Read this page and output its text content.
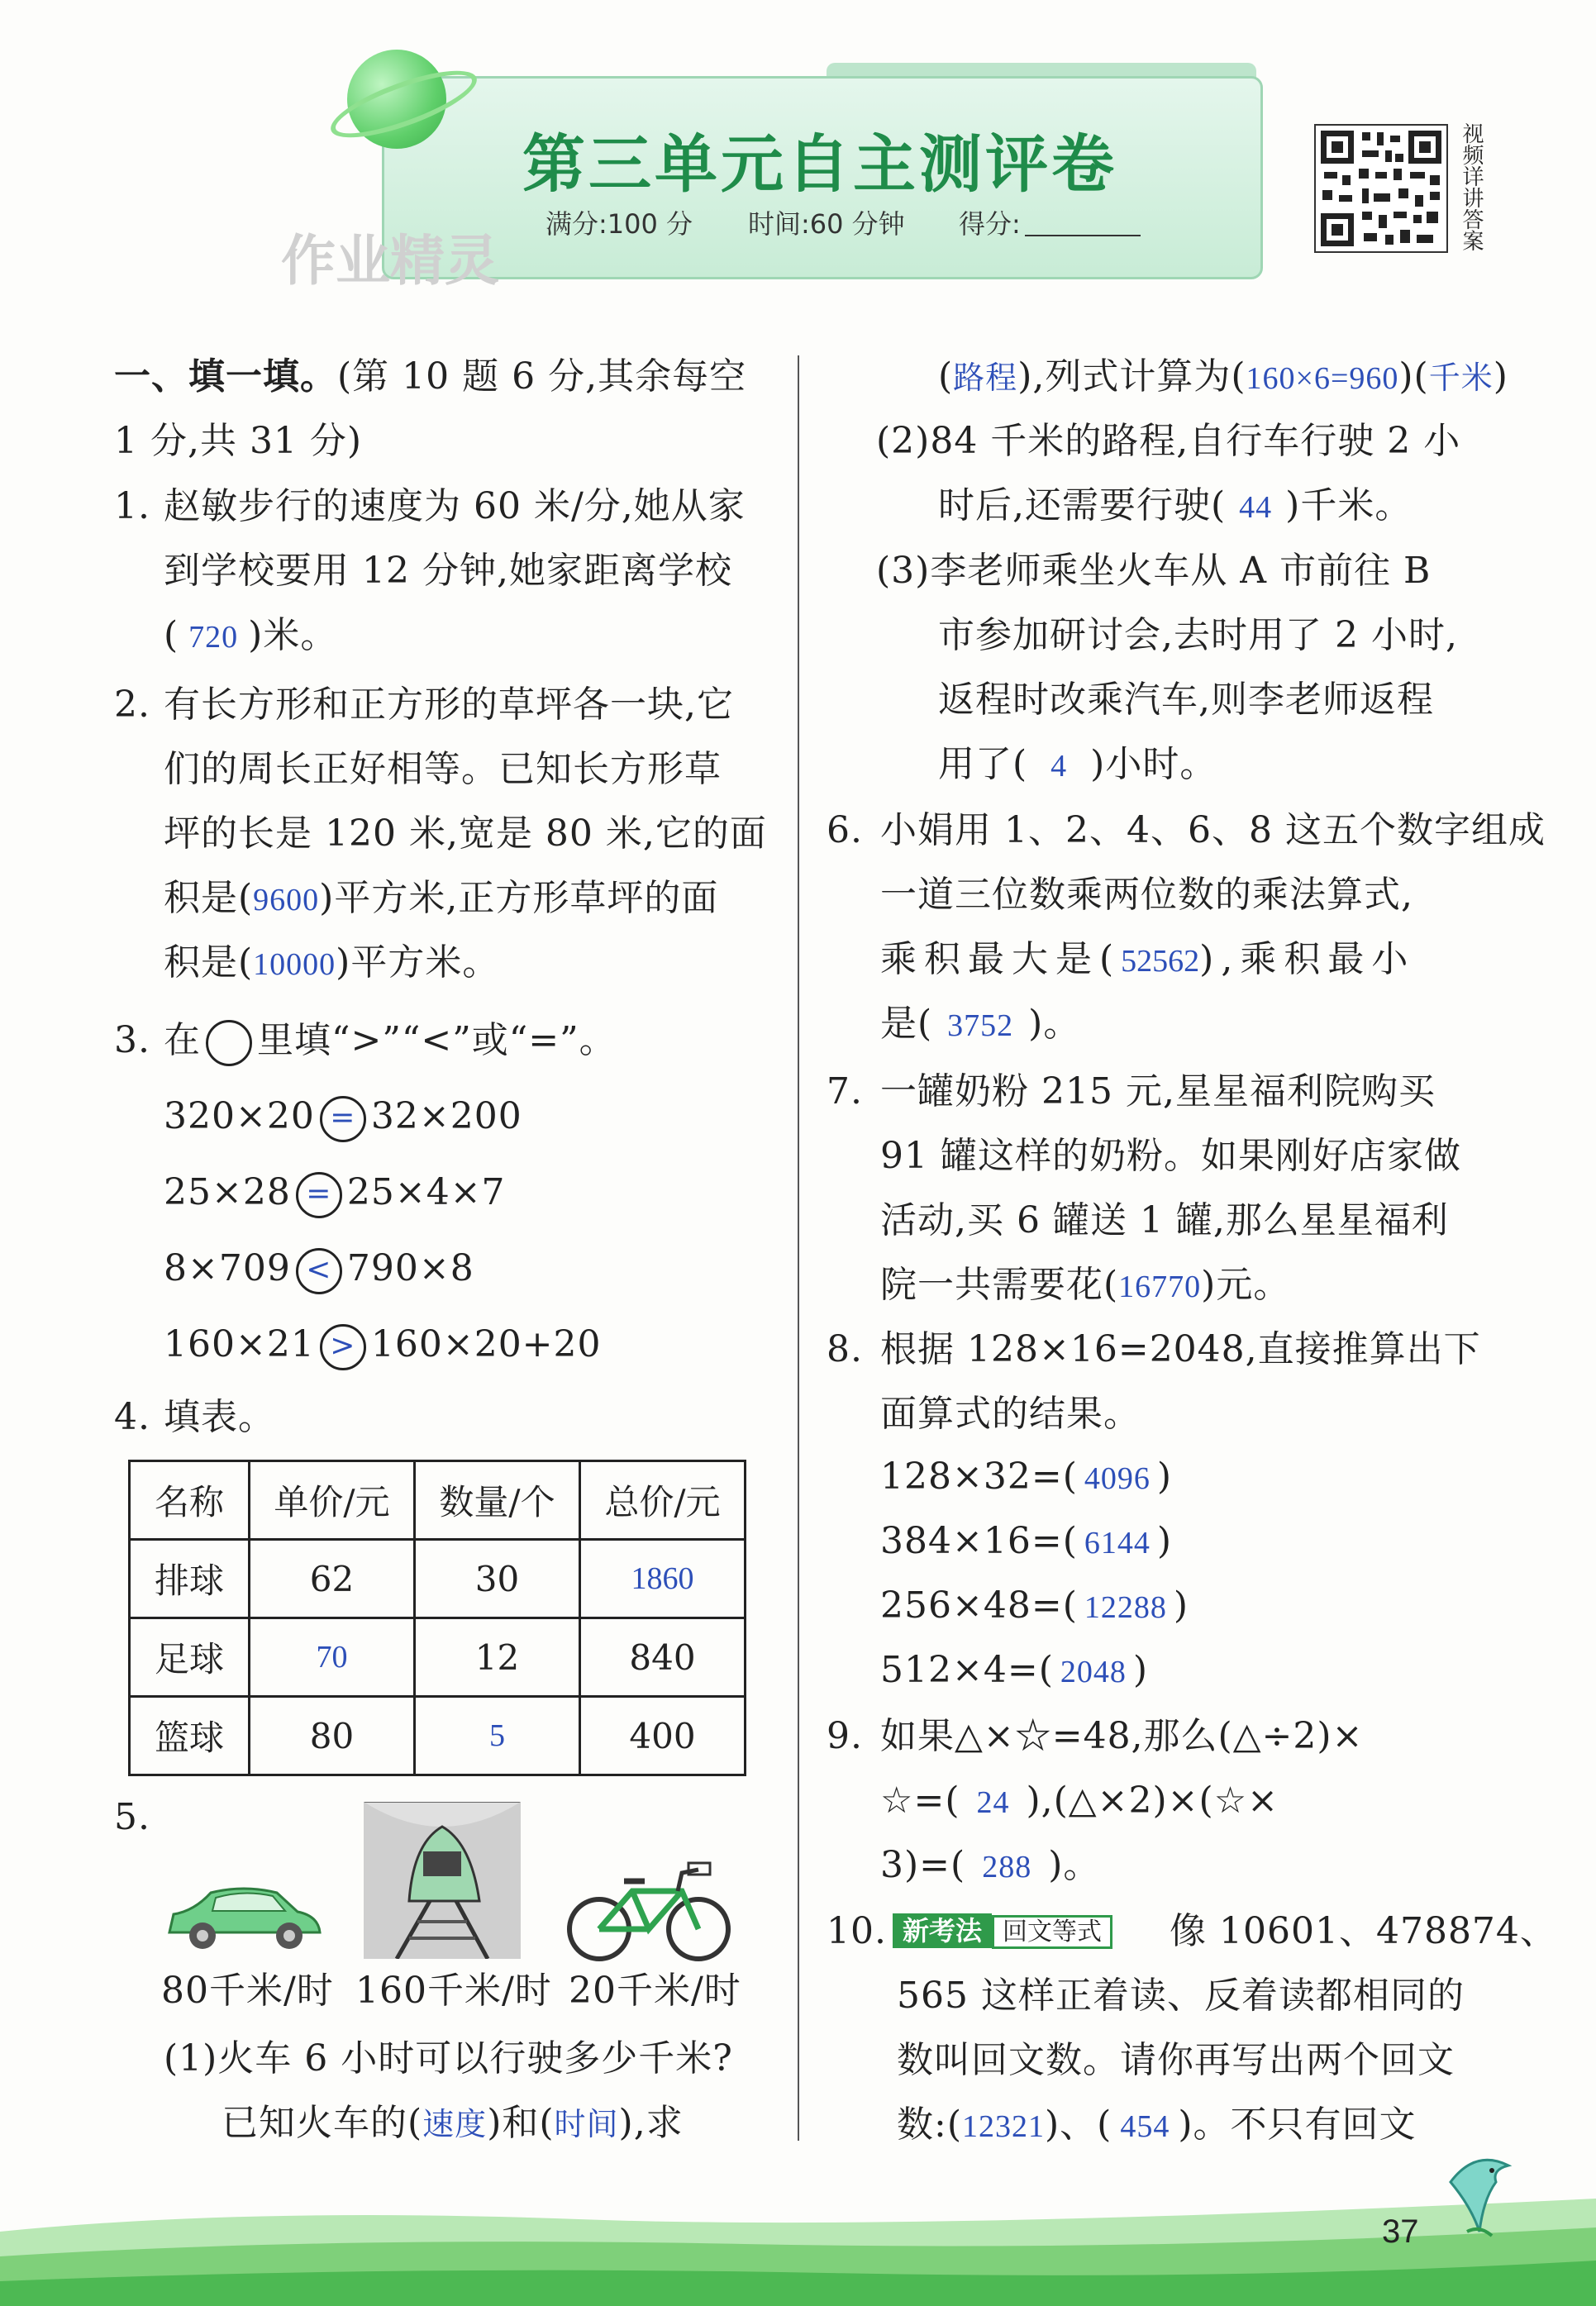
第三单元自主测评卷
满分:100 分 时间:60 分钟 得分:
作业精灵
视频详讲答案
一、填一填。(第 10 题 6 分,其余每空
1 分,共 31 分)
1. 赵敏步行的速度为 60 米/分,她从家
到学校要用 12 分钟,她家距离学校
( 720 )米。
2. 有长方形和正方形的草坪各一块,它
们的周长正好相等。已知长方形草
坪的长是 120 米,宽是 80 米,它的面
积是(9600)平方米,正方形草坪的面
积是(10000)平方米。
3. 在 里填“>”“<”或“=”。
320×20 = 32×200
25×28 = 25×4×7
8×709 < 790×8
160×21 > 160×20+20
4. 填表。
名称	单价/元	数量/个	总价/元
排球	62	30	1860
足球	70	12	840
篮球	80	5	400
5.
80千米/时 160千米/时 20千米/时
(1)火车 6 小时可以行驶多少千米?
已知火车的(速度)和(时间),求
(路程),列式计算为(160×6=960)(千米)
(2)84 千米的路程,自行车行驶 2 小
时后,还需要行驶( 44 )千米。
(3)李老师乘坐火车从 A 市前往 B
市参加研讨会,去时用了 2 小时,
返程时改乘汽车,则李老师返程
用了( 4 )小时。
6. 小娟用 1、2、4、6、8 这五个数字组成
一道三位数乘两位数的乘法算式,
乘积最大是(52562),乘积最小
是( 3752 )。
7. 一罐奶粉 215 元,星星福利院购买
91 罐这样的奶粉。如果刚好店家做
活动,买 6 罐送 1 罐,那么星星福利
院一共需要花(16770)元。
8. 根据 128×16=2048,直接推算出下
面算式的结果。
128×32=( 4096 )
384×16=( 6144 )
256×48=( 12288 )
512×4=( 2048 )
9. 如果△×☆=48,那么(△÷2)×
☆=( 24 ),(△×2)×(☆×
3)=( 288 )。
10. 新考法 回文等式 像 10601、478874、
565 这样正着读、反着读都相同的
数叫回文数。请你再写出两个回文
数:(12321)、( 454 )。不只有回文
37
